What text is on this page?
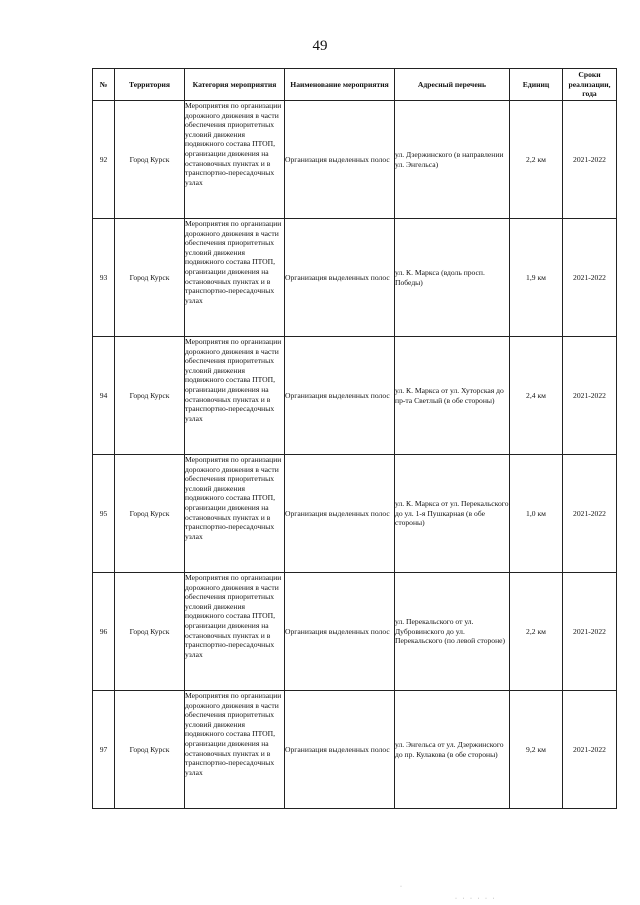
49
№	Территория	Категория мероприятия	Наименование мероприятия	Адресный перечень	Единиц	Сроки реализации, года
92	Город Курск	Мероприятия по организации дорожного движения в части обеспечения приоритетных условий движения подвижного состава ПТОП, организации движения на остановочных пунктах и в транспортно-пересадочных узлах	Организация выделенных полос	ул. Дзержинского (в направлении ул. Энгельса)	2,2 км	2021-2022
93	Город Курск	Мероприятия по организации дорожного движения в части обеспечения приоритетных условий движения подвижного состава ПТОП, организации движения на остановочных пунктах и в транспортно-пересадочных узлах	Организация выделенных полос	ул. К. Маркса (вдоль просп. Победы)	1,9 км	2021-2022
94	Город Курск	Мероприятия по организации дорожного движения в части обеспечения приоритетных условий движения подвижного состава ПТОП, организации движения на остановочных пунктах и в транспортно-пересадочных узлах	Организация выделенных полос	ул. К. Маркса от ул. Хуторская до пр-та Светлый (в обе стороны)	2,4 км	2021-2022
95	Город Курск	Мероприятия по организации дорожного движения в части обеспечения приоритетных условий движения подвижного состава ПТОП, организации движения на остановочных пунктах и в транспортно-пересадочных узлах	Организация выделенных полос	ул. К. Маркса от ул. Перекальского до ул. 1-я Пушкарная (в обе стороны)	1,0 км	2021-2022
96	Город Курск	Мероприятия по организации дорожного движения в части обеспечения приоритетных условий движения подвижного состава ПТОП, организации движения на остановочных пунктах и в транспортно-пересадочных узлах	Организация выделенных полос	ул. Перекальского от ул. Дубровинского до ул. Перекальского (по левой стороне)	2,2 км	2021-2022
97	Город Курск	Мероприятия по организации дорожного движения в части обеспечения приоритетных условий движения подвижного состава ПТОП, организации движения на остановочных пунктах и в транспортно-пересадочных узлах	Организация выделенных полос	ул. Энгельса от ул. Дзержинского до пр. Кулакова (в обе стороны)	9,2 км	2021-2022
·
· · · · · ·
